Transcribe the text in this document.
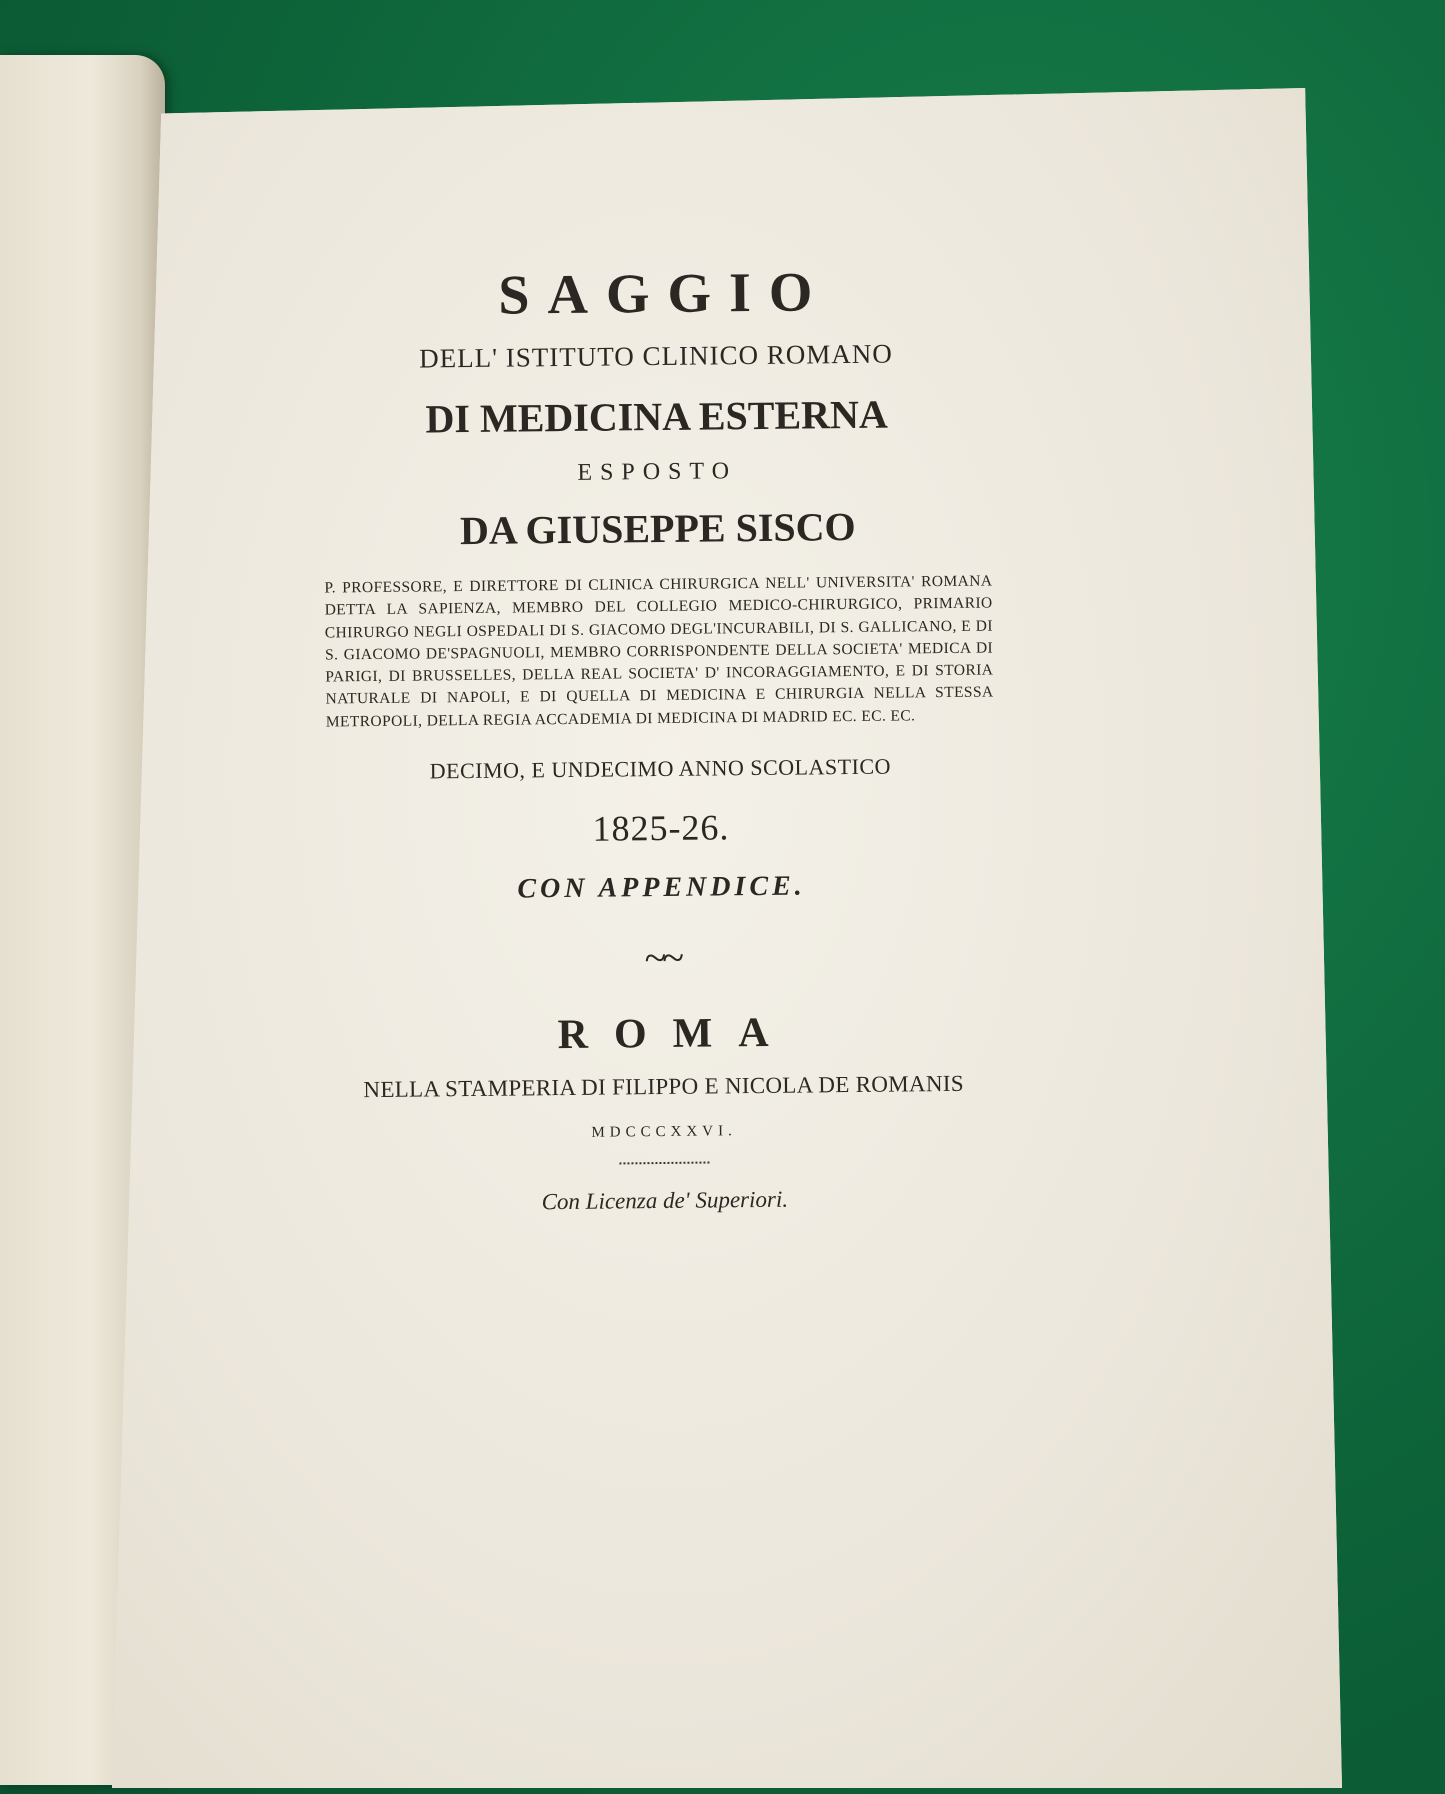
SAGGIO
DELL' ISTITUTO CLINICO ROMANO
DI MEDICINA ESTERNA
ESPOSTO
DA GIUSEPPE SISCO
P. PROFESSORE, E DIRETTORE DI CLINICA CHIRURGICA NELL' UNIVERSITA' ROMANA DETTA LA SAPIENZA, MEMBRO DEL COLLEGIO MEDICO-CHIRURGICO, PRIMARIO CHIRURGO NEGLI OSPEDALI DI S. GIACOMO DEGL'INCURABILI, DI S. GALLICANO, E DI S. GIACOMO DE'SPAGNUOLI, MEMBRO CORRISPONDENTE DELLA SOCIETA' MEDICA DI PARIGI, DI BRUSSELLES, DELLA REAL SOCIETA' D' INCORAGGIAMENTO, E DI STORIA NATURALE DI NAPOLI, E DI QUELLA DI MEDICINA E CHIRURGIA NELLA STESSA METROPOLI, DELLA REGIA ACCADEMIA DI MEDICINA DI MADRID EC. EC. EC.
DECIMO, E UNDECIMO ANNO SCOLASTICO
1825-26.
CON APPENDICE.
~~
ROMA
NELLA STAMPERIA DI FILIPPO E NICOLA DE ROMANIS
MDCCCXXVI.
Con Licenza de' Superiori.
